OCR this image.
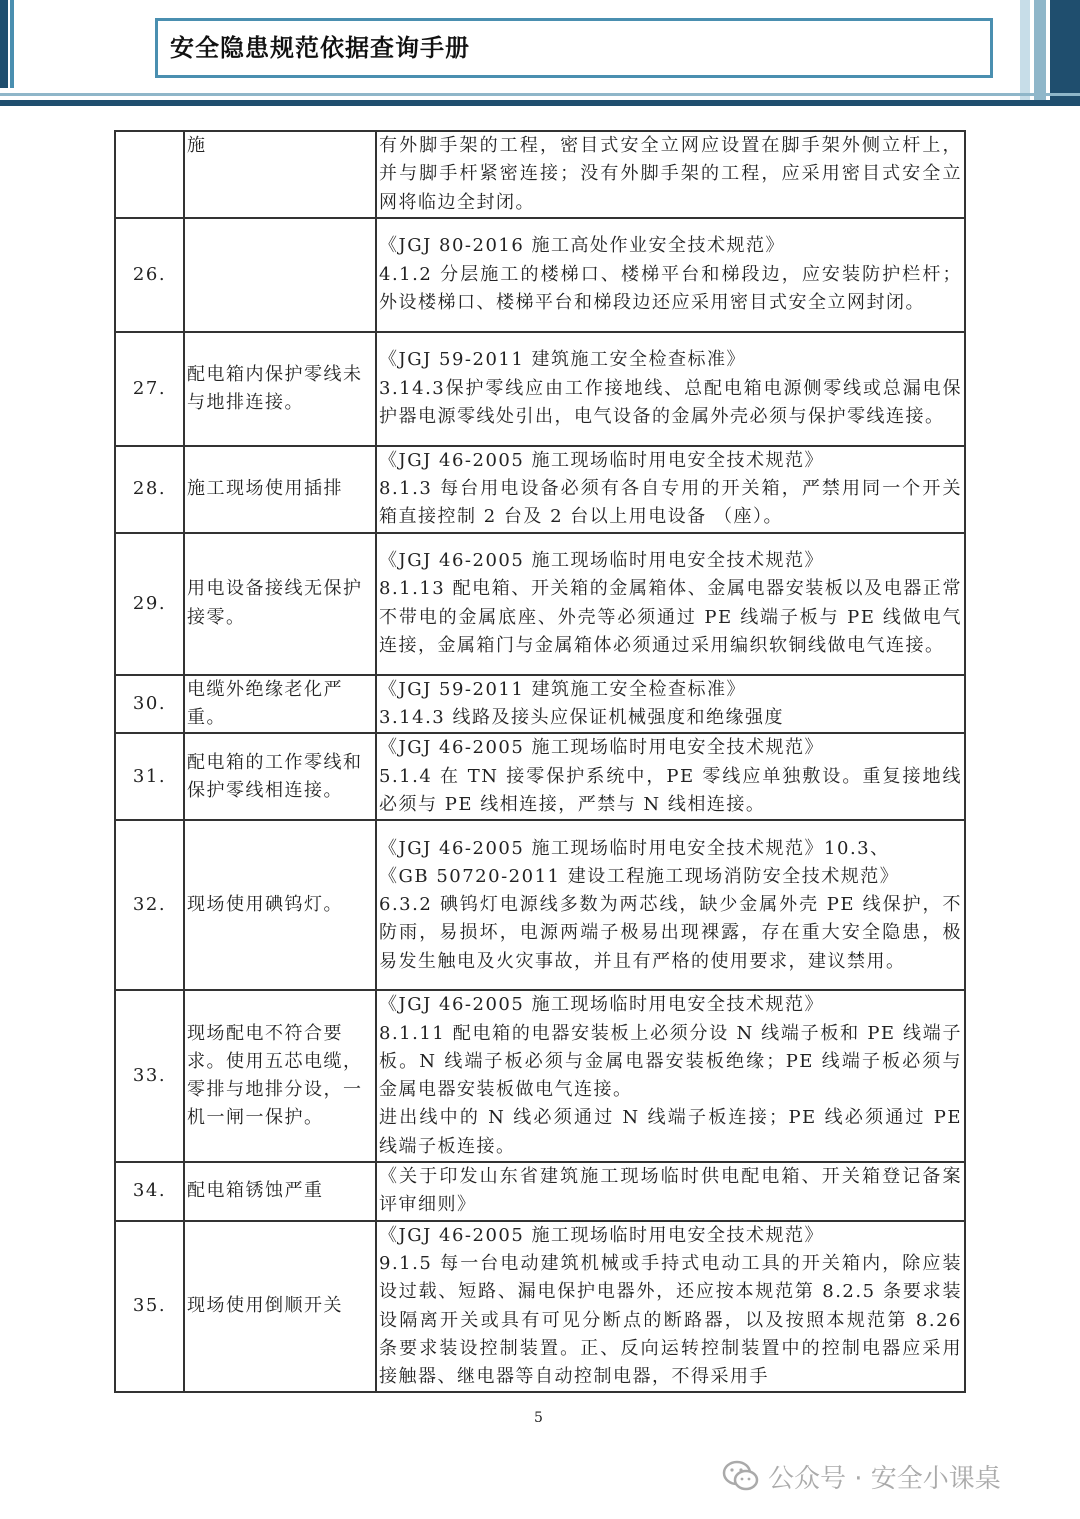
安全隐患规范依据查询手册
	施	有外脚手架的工程，密目式安全立网应设置在脚手架外侧立杆上，并与脚手杆紧密连接；没有外脚手架的工程，应采用密目式安全立网将临边全封闭。
26.		《JGJ 80-2016 施工高处作业安全技术规范》
4.1.2 分层施工的楼梯口、楼梯平台和梯段边，应安装防护栏杆；外设楼梯口、楼梯平台和梯段边还应采用密目式安全立网封闭。
27.	配电箱内保护零线未与地排连接。	《JGJ 59-2011 建筑施工安全检查标准》
3.14.3保护零线应由工作接地线、总配电箱电源侧零线或总漏电保护器电源零线处引出，电气设备的金属外壳必须与保护零线连接。
28.	施工现场使用插排	《JGJ 46-2005 施工现场临时用电安全技术规范》
8.1.3 每台用电设备必须有各自专用的开关箱，严禁用同一个开关箱直接控制 2 台及 2 台以上用电设备 （座）。
29.	用电设备接线无保护接零。	《JGJ 46-2005 施工现场临时用电安全技术规范》
8.1.13 配电箱、开关箱的金属箱体、金属电器安装板以及电器正常不带电的金属底座、外壳等必须通过 PE 线端子板与 PE 线做电气连接，金属箱门与金属箱体必须通过采用编织软铜线做电气连接。
30.	电缆外绝缘老化严重。	《JGJ 59-2011 建筑施工安全检查标准》
3.14.3 线路及接头应保证机械强度和绝缘强度
31.	配电箱的工作零线和保护零线相连接。	《JGJ 46-2005 施工现场临时用电安全技术规范》
5.1.4 在 TN 接零保护系统中，PE 零线应单独敷设。重复接地线必须与 PE 线相连接，严禁与 N 线相连接。
32.	现场使用碘钨灯。	《JGJ 46-2005 施工现场临时用电安全技术规范》10.3、
《GB 50720-2011 建设工程施工现场消防安全技术规范》
6.3.2 碘钨灯电源线多数为两芯线，缺少金属外壳 PE 线保护，不防雨，易损坏，电源两端子极易出现裸露，存在重大安全隐患，极易发生触电及火灾事故，并且有严格的使用要求，建议禁用。
33.	现场配电不符合要求。使用五芯电缆，零排与地排分设，一机一闸一保护。	《JGJ 46-2005 施工现场临时用电安全技术规范》
8.1.11 配电箱的电器安装板上必须分设 N 线端子板和 PE 线端子板。N 线端子板必须与金属电器安装板绝缘；PE 线端子板必须与金属电器安装板做电气连接。
进出线中的 N 线必须通过 N 线端子板连接；PE 线必须通过 PE 线端子板连接。
34.	配电箱锈蚀严重	《关于印发山东省建筑施工现场临时供电配电箱、开关箱登记备案评审细则》
35.	现场使用倒顺开关	《JGJ 46-2005 施工现场临时用电安全技术规范》
9.1.5 每一台电动建筑机械或手持式电动工具的开关箱内，除应装设过载、短路、漏电保护电器外，还应按本规范第 8.2.5 条要求装设隔离开关或具有可见分断点的断路器，以及按照本规范第 8.26 条要求装设控制装置。正、反向运转控制装置中的控制电器应采用接触器、继电器等自动控制电器，不得采用手
5
公众号 · 安全小课桌
